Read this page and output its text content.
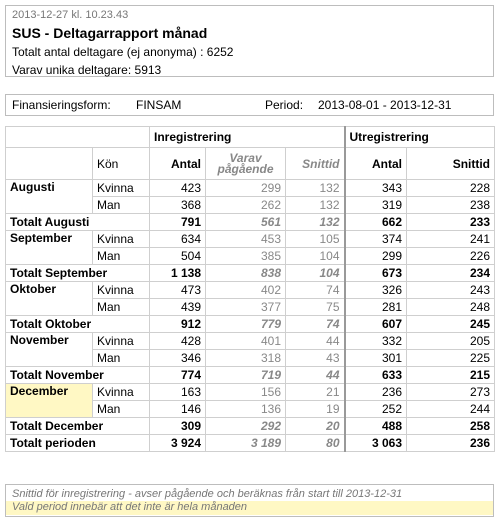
2013-12-27 kl. 10.23.43
SUS - Deltagarrapport månad
Totalt antal deltagare (ej anonyma) : 6252
Varav unika deltagare: 5913
Finansieringsform: FINSAM	Period: 2013-08-01 - 2013-12-31
		Inregistrering			Utregistrering	
	Kön	Antal	Varav pågående	Snittid	Antal	Snittid
Augusti	Kvinna	423	299	132	343	228
	Man	368	262	132	319	238
Totalt Augusti		791	561	132	662	233
September	Kvinna	634	453	105	374	241
	Man	504	385	104	299	226
Totalt September		1 138	838	104	673	234
Oktober	Kvinna	473	402	74	326	243
	Man	439	377	75	281	248
Totalt Oktober		912	779	74	607	245
November	Kvinna	428	401	44	332	205
	Man	346	318	43	301	225
Totalt November		774	719	44	633	215
December	Kvinna	163	156	21	236	273
	Man	146	136	19	252	244
Totalt December		309	292	20	488	258
Totalt perioden		3 924	3 189	80	3 063	236
Snittid för inregistrering - avser pågående och beräknas från start till 2013-12-31
Vald period innebär att det inte är hela månaden
